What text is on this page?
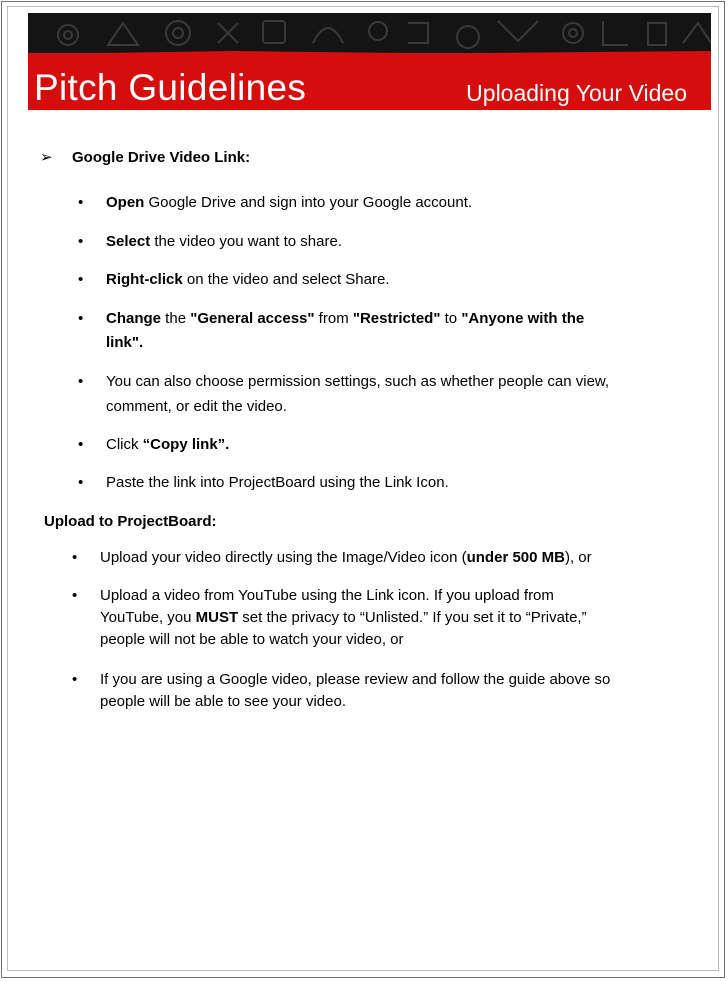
Pitch Guidelines	Uploading Your Video
➢ Google Drive Video Link:
• Open Google Drive and sign into your Google account.
• Select the video you want to share.
• Right-click on the video and select Share.
• Change the "General access" from "Restricted" to "Anyone with the
link".
• You can also choose permission settings, such as whether people can view,
comment, or edit the video.
• Click “Copy link”.
• Paste the link into ProjectBoard using the Link Icon.
Upload to ProjectBoard:
• Upload your video directly using the Image/Video icon (under 500 MB), or
• Upload a video from YouTube using the Link icon. If you upload from
YouTube, you MUST set the privacy to “Unlisted.” If you set it to “Private,”
people will not be able to watch your video, or
• If you are using a Google video, please review and follow the guide above so
people will be able to see your video.
